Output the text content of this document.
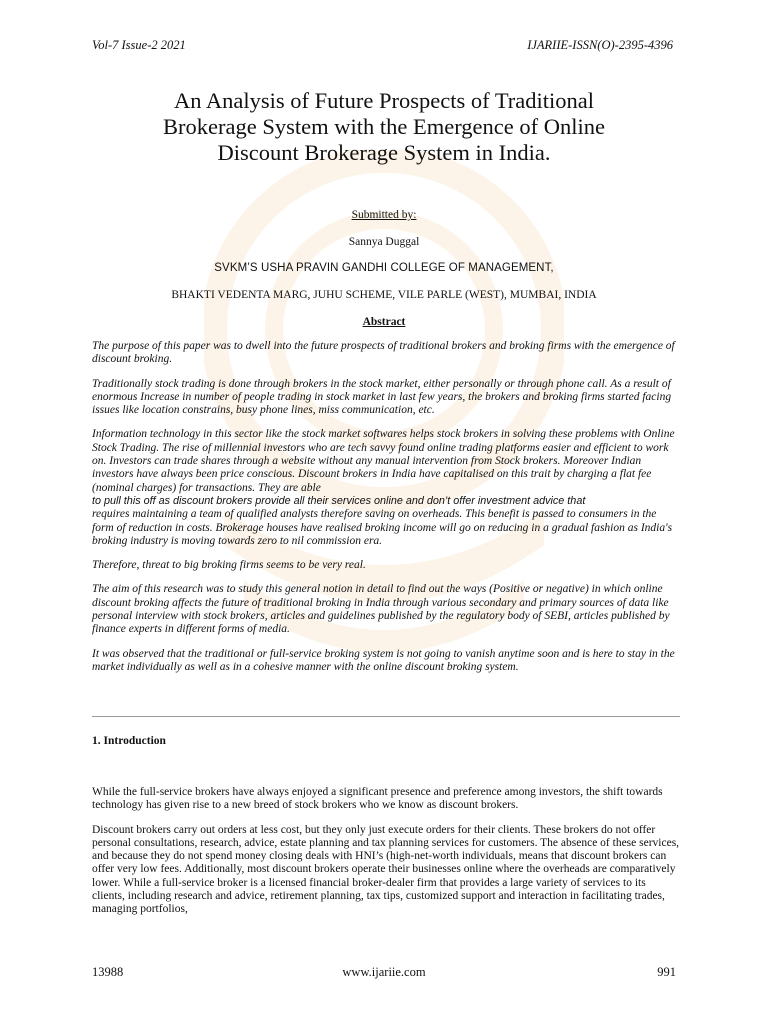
Vol-7 Issue-2 2021	IJARIIE-ISSN(O)-2395-4396
An Analysis of Future Prospects of Traditional
Brokerage System with the Emergence of Online
Discount Brokerage System in India.
Submitted by:
Sannya Duggal
SVKM’S USHA PRAVIN GANDHI COLLEGE OF MANAGEMENT,
BHAKTI VEDENTA MARG, JUHU SCHEME, VILE PARLE (WEST), MUMBAI, INDIA
Abstract

The purpose of this paper was to dwell into the future prospects of traditional brokers and broking firms with the emergence of discount broking.

Traditionally stock trading is done through brokers in the stock market, either personally or through phone call. As a result of enormous Increase in number of people trading in stock market in last few years, the brokers and broking firms started facing issues like location constrains, busy phone lines, miss communication, etc.

Information technology in this sector like the stock market softwares helps stock brokers in solving these problems with Online Stock Trading. The rise of millennial investors who are tech savvy found online trading platforms easier and efficient to work on. Investors can trade shares through a website without any manual intervention from Stock brokers. Moreover Indian investors have always been price conscious. Discount brokers in India have capitalised on this trait by charging a flat fee (nominal charges) for transactions. They are able
to pull this off as discount brokers provide all their services online and don’t offer investment advice that
requires maintaining a team of qualified analysts therefore saving on overheads. This benefit is passed to consumers in the form of reduction in costs. Brokerage houses have realised broking income will go on reducing in a gradual fashion as India's broking industry is moving towards zero to nil commission era.

Therefore, threat to big broking firms seems to be very real.

The aim of this research was to study this general notion in detail to find out the ways (Positive or negative) in which online discount broking affects the future of traditional broking in India through various secondary and primary sources of data like personal interview with stock brokers, articles and guidelines published by the regulatory body of SEBI, articles published by finance experts in different forms of media.

It was observed that the traditional or full-service broking system is not going to vanish anytime soon and is here to stay in the market individually as well as in a cohesive manner with the online discount broking system.

1. Introduction

While the full-service brokers have always enjoyed a significant presence and preference among investors, the shift towards technology has given rise to a new breed of stock brokers who we know as discount brokers.

Discount brokers carry out orders at less cost, but they only just execute orders for their clients. These brokers do not offer personal consultations, research, advice, estate planning and tax planning services for customers. The absence of these services, and because they do not spend money closing deals with HNI’s (high-net-worth individuals, means that discount brokers can offer very low fees. Additionally, most discount brokers operate their businesses online where the overheads are comparatively lower. While a full-service broker is a licensed financial broker-dealer firm that provides a large variety of services to its clients, including research and advice, retirement planning, tax tips, customized support and interaction in facilitating trades, managing portfolios,

13988	www.ijariie.com	991
